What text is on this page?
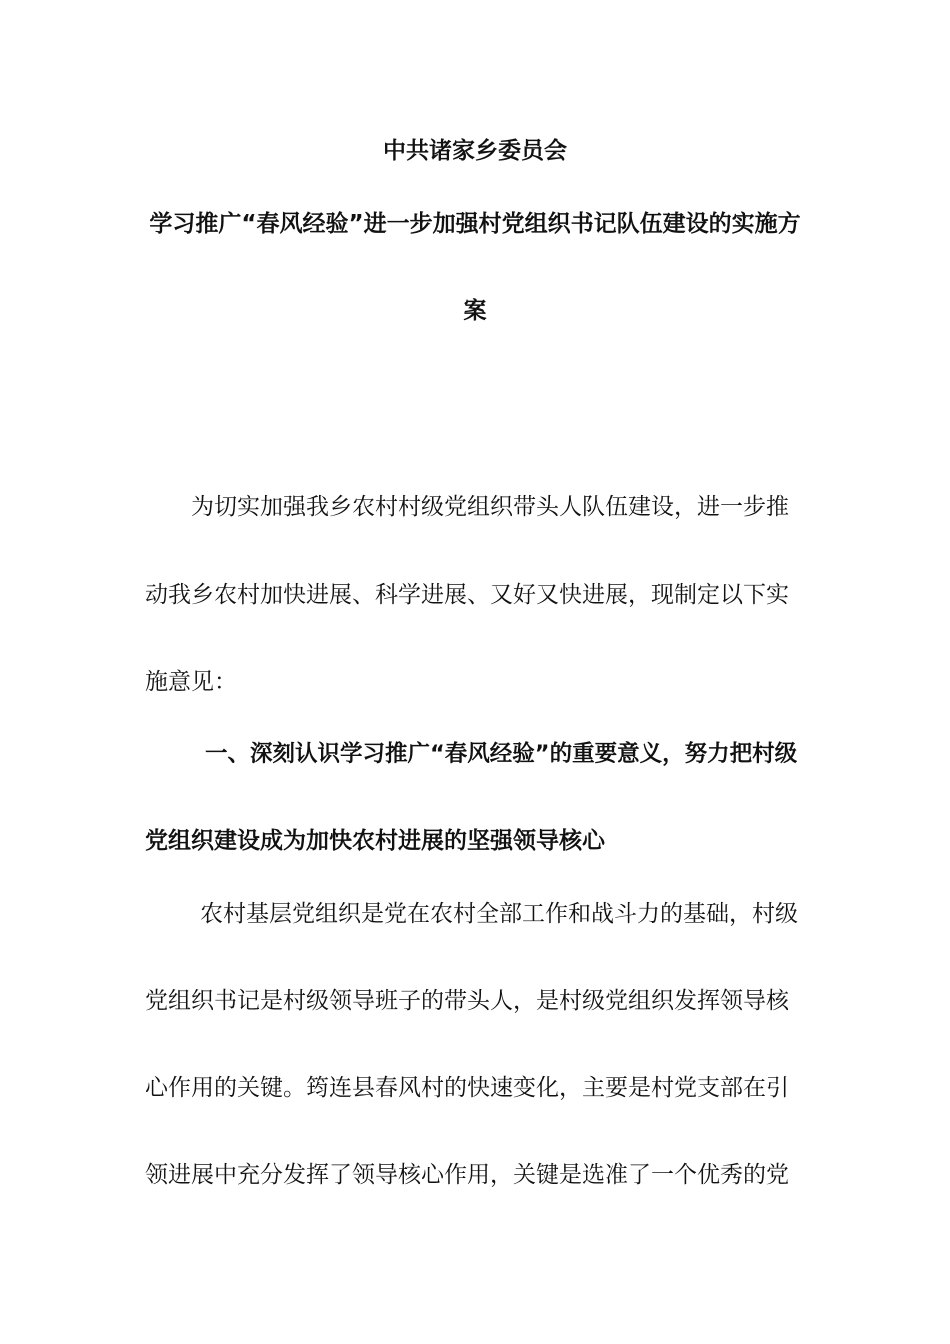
中共诸家乡委员会
学习推广“春风经验”进一步加强村党组织书记队伍建设的实施方
案
为切实加强我乡农村村级党组织带头人队伍建设，进一步推
动我乡农村加快进展、科学进展、又好又快进展，现制定以下实
施意见：
一、深刻认识学习推广“春风经验”的重要意义，努力把村级
党组织建设成为加快农村进展的坚强领导核心
农村基层党组织是党在农村全部工作和战斗力的基础，村级
党组织书记是村级领导班子的带头人，是村级党组织发挥领导核
心作用的关键。筠连县春风村的快速变化，主要是村党支部在引
领进展中充分发挥了领导核心作用，关键是选准了一个优秀的党
